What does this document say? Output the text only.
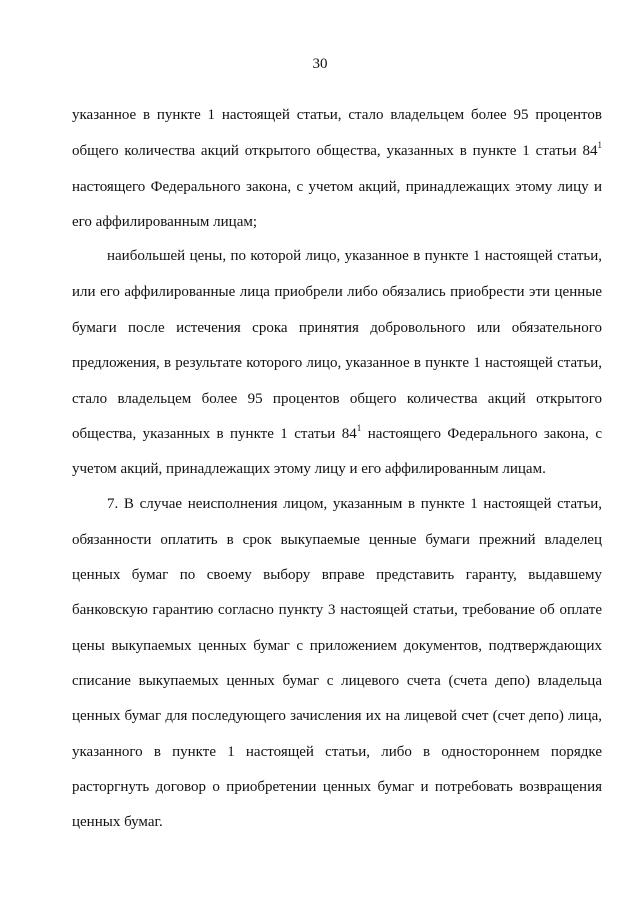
30
указанное в пункте 1 настоящей статьи, стало владельцем более 95 процентов
общего количества акций открытого общества, указанных в пункте 1 статьи $84^1$
настоящего Федерального закона, с учетом акций, принадлежащих этому лицу и
его аффилированным лицам;
наибольшей цены, по которой лицо, указанное в пункте 1 настоящей статьи,
или его аффилированные лица приобрели либо обязались приобрести эти ценные
бумаги после истечения срока принятия добровольного или обязательного
предложения, в результате которого лицо, указанное в пункте 1 настоящей статьи,
стало владельцем более 95 процентов общего количества акций открытого
общества, указанных в пункте 1 статьи $84^1$ настоящего Федерального закона, с
учетом акций, принадлежащих этому лицу и его аффилированным лицам.
7. В случае неисполнения лицом, указанным в пункте 1 настоящей статьи,
обязанности оплатить в срок выкупаемые ценные бумаги прежний владелец
ценных бумаг по своему выбору вправе представить гаранту, выдавшему
банковскую гарантию согласно пункту 3 настоящей статьи, требование об оплате
цены выкупаемых ценных бумаг с приложением документов, подтверждающих
списание выкупаемых ценных бумаг с лицевого счета (счета депо) владельца
ценных бумаг для последующего зачисления их на лицевой счет (счет депо) лица,
указанного в пункте 1 настоящей статьи, либо в одностороннем порядке
расторгнуть договор о приобретении ценных бумаг и потребовать возвращения
ценных бумаг.
